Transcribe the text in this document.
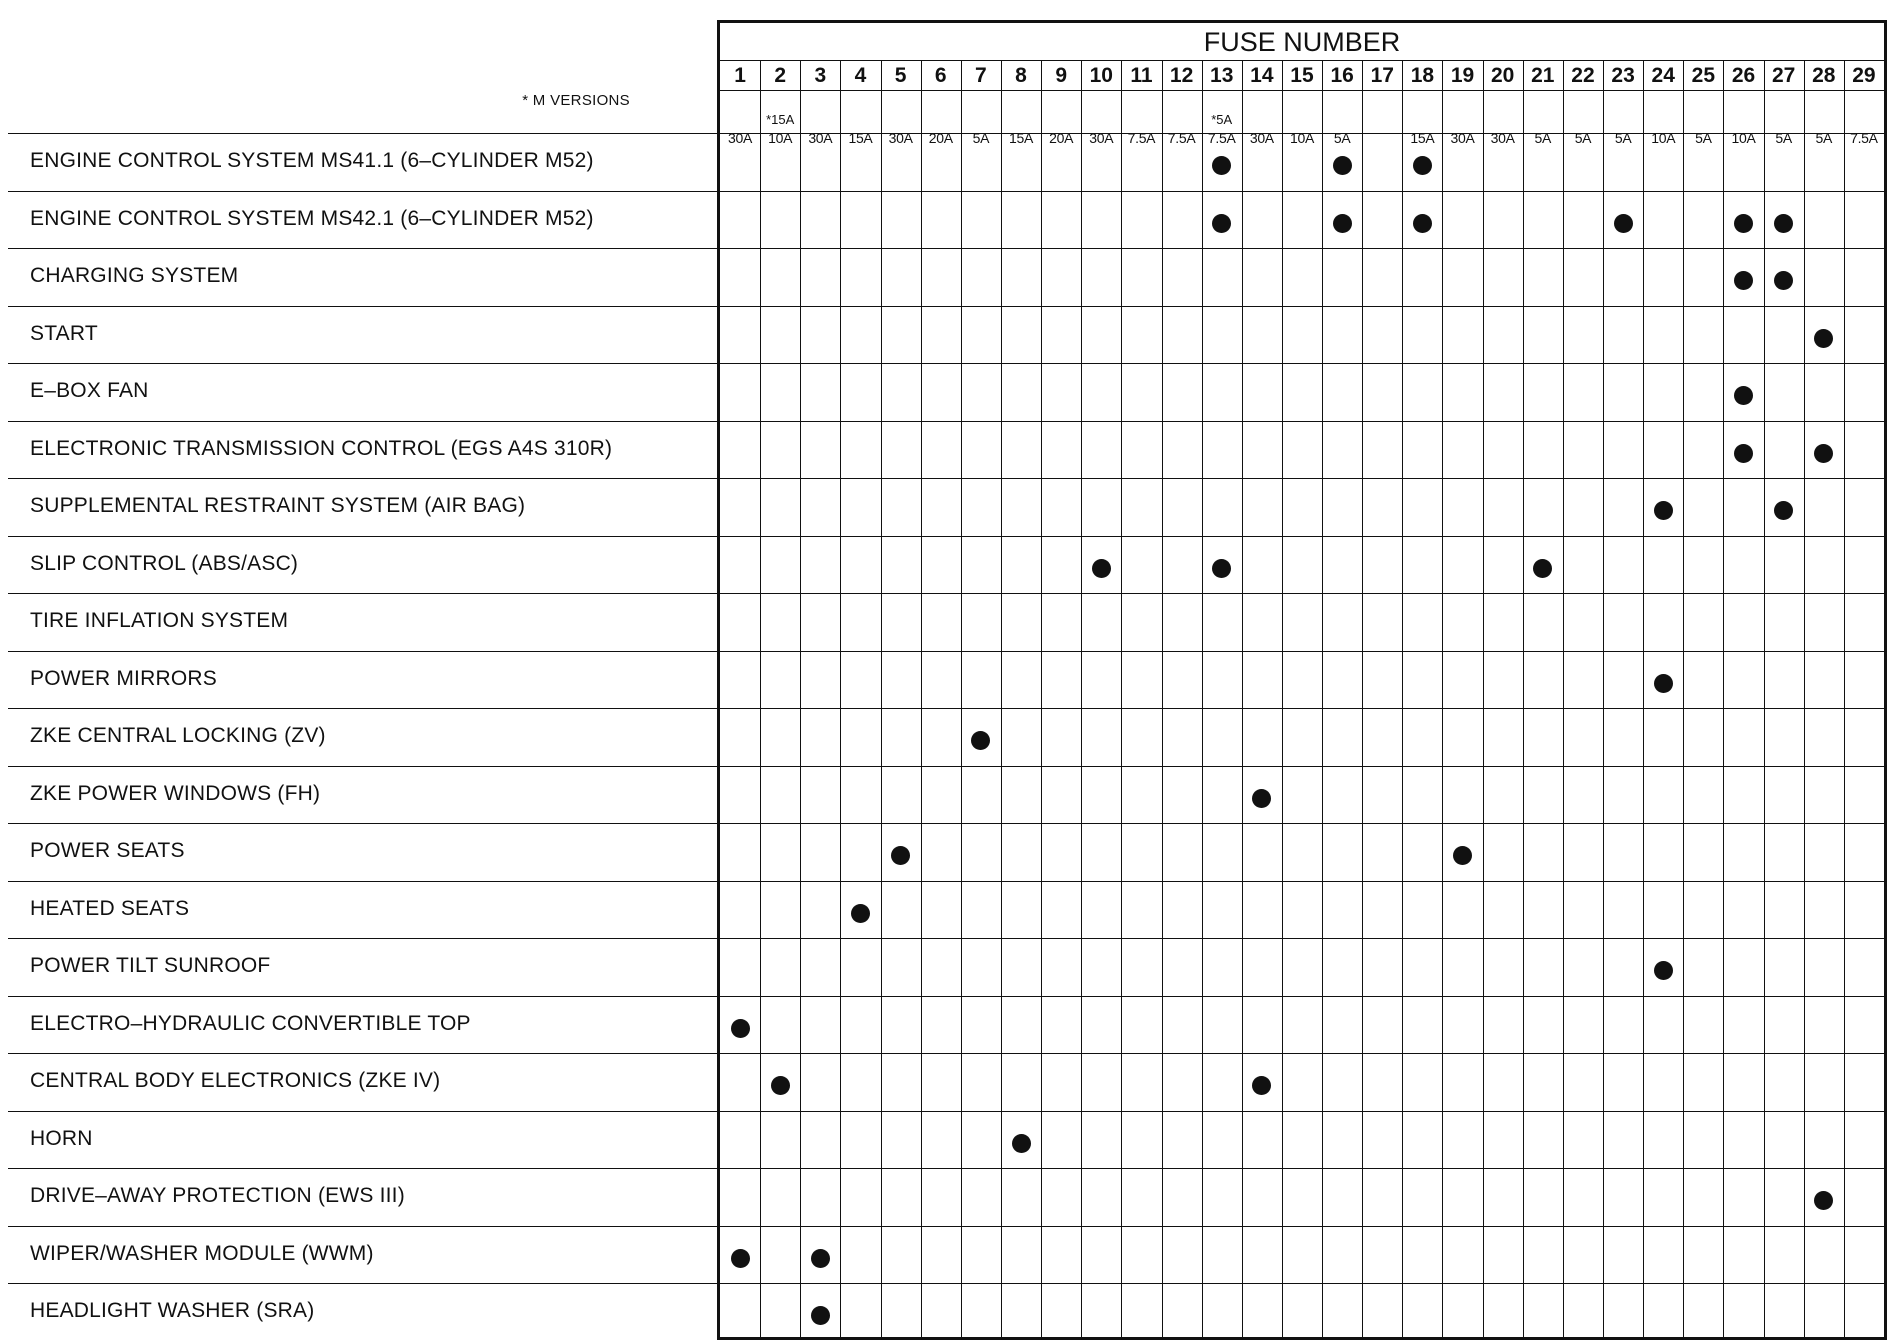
* M VERSIONS
ENGINE CONTROL SYSTEM MS41.1 (6–CYLINDER M52)
ENGINE CONTROL SYSTEM MS42.1 (6–CYLINDER M52)
CHARGING SYSTEM
START
E–BOX FAN
ELECTRONIC TRANSMISSION CONTROL (EGS A4S 310R)
SUPPLEMENTAL RESTRAINT SYSTEM (AIR BAG)
SLIP CONTROL (ABS/ASC)
TIRE INFLATION SYSTEM
POWER MIRRORS
ZKE CENTRAL LOCKING (ZV)
ZKE POWER WINDOWS (FH)
POWER SEATS
HEATED SEATS
POWER TILT SUNROOF
ELECTRO–HYDRAULIC CONVERTIBLE TOP
CENTRAL BODY ELECTRONICS (ZKE IV)
HORN
DRIVE–AWAY PROTECTION (EWS III)
WIPER/WASHER MODULE (WWM)
HEADLIGHT WASHER (SRA)
FUSE NUMBER
1
30A
2
10A
*15A
3
30A
4
15A
5
30A
6
20A
7
5A
8
15A
9
20A
10
30A
11
7.5A
12
7.5A
13
7.5A
*5A
14
30A
15
10A
16
5A
17 18
15A
19
30A
20
30A
21
5A
22
5A
23
5A
24
10A
25
5A
26
10A
27
5A
28
5A
29
7.5A
